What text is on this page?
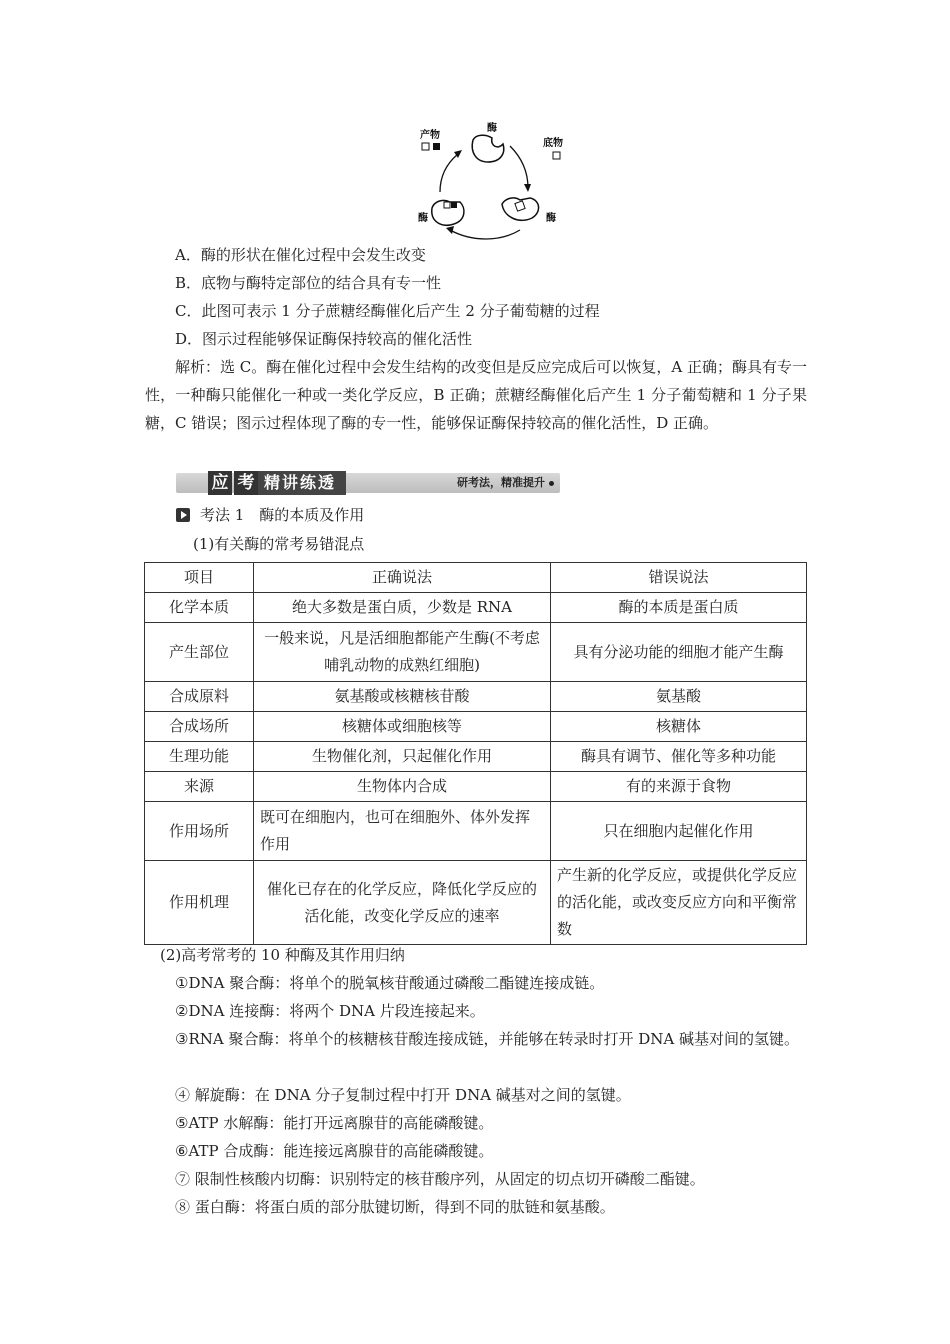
产物
酶
底物
酶
酶
A．酶的形状在催化过程中会发生改变
B．底物与酶特定部位的结合具有专一性
C．此图可表示 1 分子蔗糖经酶催化后产生 2 分子葡萄糖的过程
D．图示过程能够保证酶保持较高的催化活性
解析：选 C。酶在催化过程中会发生结构的改变但是反应完成后可以恢复，A 正确；酶具有专一性，一种酶只能催化一种或一类化学反应，B 正确；蔗糖经酶催化后产生 1 分子葡萄糖和 1 分子果糖，C 错误；图示过程体现了酶的专一性，能够保证酶保持较高的催化活性，D 正确。
应 考 精讲练透	研考法，精准提升
考法 1　酶的本质及作用
(1)有关酶的常考易错混点
项目	正确说法	错误说法
化学本质	绝大多数是蛋白质，少数是 RNA	酶的本质是蛋白质
产生部位	一般来说，凡是活细胞都能产生酶(不考虑哺乳动物的成熟红细胞)	具有分泌功能的细胞才能产生酶
合成原料	氨基酸或核糖核苷酸	氨基酸
合成场所	核糖体或细胞核等	核糖体
生理功能	生物催化剂，只起催化作用	酶具有调节、催化等多种功能
来源	生物体内合成	有的来源于食物
作用场所	既可在细胞内，也可在细胞外、体外发挥作用	只在细胞内起催化作用
作用机理	催化已存在的化学反应，降低化学反应的活化能，改变化学反应的速率	产生新的化学反应，或提供化学反应的活化能，或改变反应方向和平衡常数
(2)高考常考的 10 种酶及其作用归纳
①DNA 聚合酶：将单个的脱氧核苷酸通过磷酸二酯键连接成链。
②DNA 连接酶：将两个 DNA 片段连接起来。
③RNA 聚合酶：将单个的核糖核苷酸连接成链，并能够在转录时打开 DNA 碱基对间的氢键。
④ 解旋酶：在 DNA 分子复制过程中打开 DNA 碱基对之间的氢键。
⑤ATP 水解酶：能打开远离腺苷的高能磷酸键。
⑥ATP 合成酶：能连接远离腺苷的高能磷酸键。
⑦ 限制性核酸内切酶：识别特定的核苷酸序列，从固定的切点切开磷酸二酯键。
⑧ 蛋白酶：将蛋白质的部分肽键切断，得到不同的肽链和氨基酸。
